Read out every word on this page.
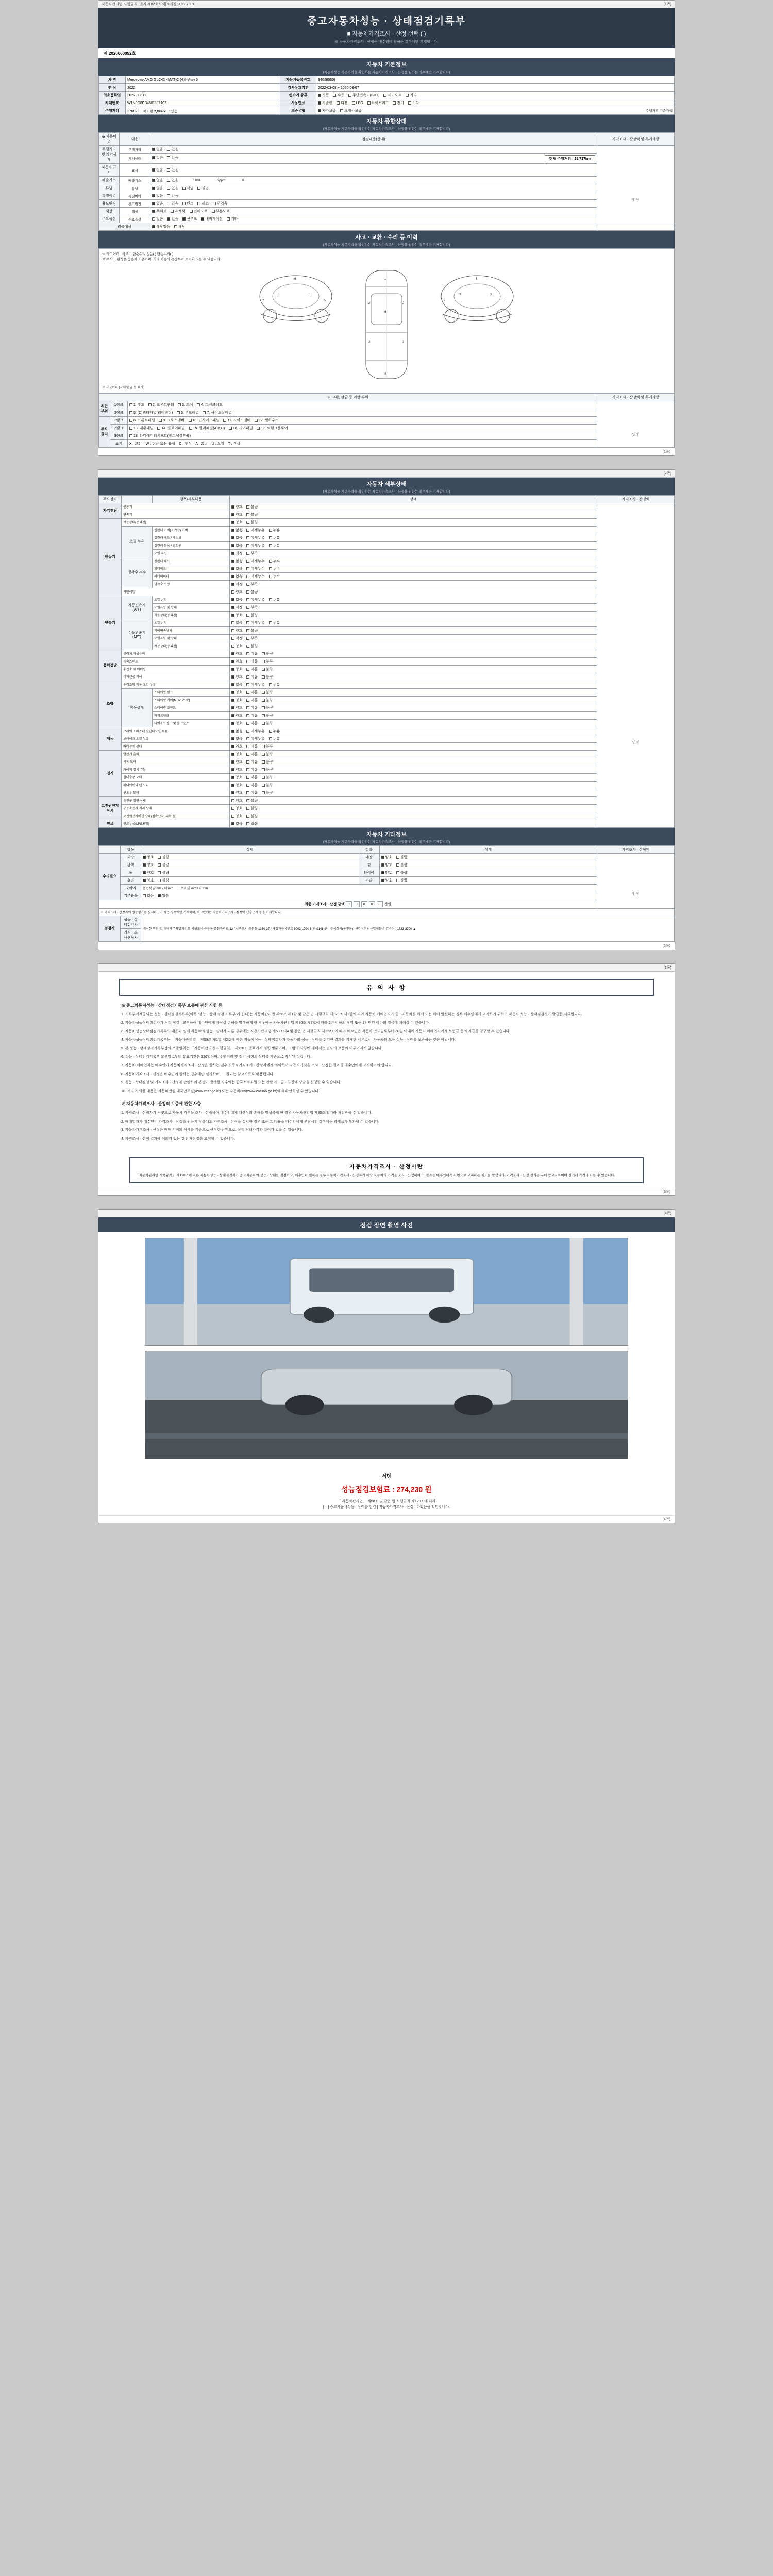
자동차관리법 시행규칙 [별지 제82호서식] <개정 2021.7.6.>	(1쪽)
중고자동차성능 · 상태점검기록부
■ 자동차가격조사 · 산정 선택 ( )
※ 자동차가격조사 · 산정은 매수인이 원하는 경우에만 기재합니다.
제 2026060052호
자동차 기본정보
(자동차성능 기준가격을 확인하는 자동차가격조사 · 산정을 원하는 경우에만 기재합니다)
차 명	Mercedes-AMG GLC43 4MATIC (4륜구동) 5	자동차등록번호	34G(8550)
연 식	2022	검사유효기간	2022-03-08 ~ 2026-03-07
최초등록일	2022-03-08	변속기 종류	자동 수동 무단변속기(CVT) 세미오토 기타
차대번호	W1N0G8EB4NG037107	사용연료	가솔린 디젤 LPG 하이브리드 전기 기타
주행거리	276823 배기량 2,999cc 5인승	보증유형	자가보증 보험사보증 주행거리 기준가액
자동차 종합상태
(자동차성능 기준가격을 확인하는 자동차가격조사 · 산정을 원하는 경우에만 기재합니다)
※ 사용이력	내용	점검내용(상태)	가격조사 · 산정액 및 특기사항
주행거리 및 계기상태	주행거리	없음 있음	인정

	계기상태	없음 있음 현재 주행거리 : 25,717km	

자동차 표시	표시	없음 있음	
배출가스	배출가스	없음 있음 0.0DL 2ppm %	
튜닝	튜닝	없음 있음 적법 불법	
특별이력	특별이력	없음 있음	
용도변경	용도변경	없음 있음 렌트 리스 영업용	
색상	색상	무채색 유채색 전체도색 부분도색	
주요옵션	주요옵션	없음 있음 선루프 내비게이션 기타	
리콜대상		해당없음 해당	
사고 · 교환 · 수리 등 이력
(자동차성능 기준가격을 확인하는 자동차가격조사 · 산정을 원하는 경우에만 기재합니다)
※ 사고이력 : 사고( ) 단순수리 없음( ) 단순수리( )
※ 무사고 판정은 승용차 기준이며, 기타 차종의 손상부위 표기와 다를 수 있습니다.
3	3
6
5
2
1
2	2
3	3
4
6
3	3
6
5
2
※ 사고이력 (교체/판금 등 표기)
※ 교환, 판금 등 이상 부위			가격조사 · 산정액 및 특기사항
외판부위	1랭크	1. 후드 2. 프론트펜더 3. 도어 4. 트렁크리드	인정

	2랭크	5. (C)쿼터패널(리어펜더) 6. 루프패널 7. 사이드실패널	
주요골격	1랭크	8. 프론트패널 9. 크로스멤버 10. 인사이드패널 11. 사이드멤버 12. 휠하우스	
	2랭크	13. 대쉬패널 14. 플로어패널 15. 필러패널(A,B,C) 16. 리어패널 17. 트렁크플로어	
	3랭크	18. 라디에이터서포트(볼트체결부품)	
	표기	X : 교환 W : 판금 또는 용접 C : 부식 A : 흠집 U : 요철 T : 손상	
(1쪽)
(2쪽)
자동차 세부상태
(자동차성능 기준가격을 확인하는 자동차가격조사 · 산정을 원하는 경우에만 기재합니다)
주요장치		항목/세부내용	상태	가격조사 · 산정액
자기진단	원동기		양호 불량	인정

	변속기		양호 불량	
원동기	작동상태(공회전)		양호 불량	
	오일 누유	실린더 커버(로커암) 커버	없음 미세누유 누유	
		실린더 헤드 / 개스킷	없음 미세누유 누유	
		실린더 블록 / 오일팬	없음 미세누유 누유	
		오일 유량	적정 부족	
	냉각수 누수	실린더 헤드	없음 미세누수 누수	
		워터펌프	없음 미세누수 누수	
		라디에이터	없음 미세누수 누수	
		냉각수 수량	적정 부족	
	커먼레일		양호 불량	
변속기	자동변속기
(A/T)	오일누유	없음 미세누유 누유	
		오일유량 및 상태	적정 부족	
		작동상태(공회전)	양호 불량	
	수동변속기
(M/T)	오일누유	없음 미세누유 누유	
		기어변속장치	양호 불량	
		오일유량 및 상태	적정 부족	
		작동상태(공회전)	양호 불량	
동력전달	클러치 어셈블리		양호 미흡 불량	
	등속죠인트		양호 미흡 불량	
	추진축 및 베어링		양호 미흡 불량	
	디퍼렌셜 기어		양호 미흡 불량	
조향	동력조향 작동 오일 누유		없음 미세누유 누유	
	작동상태	스티어링 펌프	양호 미흡 불량	
		스티어링 기어(MDPS포함)	양호 미흡 불량	
		스티어링 조인트	양호 미흡 불량	
		파워크랭크	양호 미흡 불량	
		타이로드엔드 및 볼 조인트	양호 미흡 불량	
제동	브레이크 마스터 실린더오일 누유		없음 미세누유 누유	
	브레이크 오일 누유		없음 미세누유 누유	
	배력장치 상태		양호 미흡 불량	
전기	발전기 출력		양호 미흡 불량	
	시동 모터		양호 미흡 불량	
	와이퍼 장치 기능		양호 미흡 불량	
	실내송풍 모터		양호 미흡 불량	
	라디에이터 팬 모터		양호 미흡 불량	
	윈도우 모터		양호 미흡 불량	
고전원전기장치	충전구 절연 상태		양호 불량	
	구동축전지 격리 상태		양호 불량	
	고전원전기배선 상태(접속단자, 피복 등)		양호 불량	
연료	연료누설(LPG포함)		없음 있음	
자동차 기타정보
(자동차성능 기준가격을 확인하는 자동차가격조사 · 산정을 원하는 경우에만 기재합니다)
	항목	상태	항목	상태	가격조사 · 산정액
수리필요	외장	양호 불량	내장	양호 불량	인정

	광택	양호 불량	휠	양호 불량	
	룸	양호 불량	타이어	양호 불량	
	유리	양호 불량	기타	양호 불량	
	타이어	운전석 앞 mm / 뒤 mm 조수석 앞 mm / 뒤 mm			
	기본품목	없음 있음			
최종 가격조사 · 산정 금액 0 0 0 0 0 천원					
※ 가격조사 · 산정자에 성능평가를 실시하고자 하는 경우에만 기재하며, 비고란에는 자동차가격조사 · 산정액 산출근거 등을 기재합니다.					
점검자	성능 · 상태점검자	㈜신한 정원 정비㈜ 제주특별자치도 서귀포시 중문동 중문관광로 12 / 서귀포시 중문동 1350-27 / 사업자등록번호 9002-1994-5(기-0146)관 · 주식회사(동천동), 신강상황점사업체등록 검수어 : 1533-2700 ▲			
	가격 · 조사산정자				
(2쪽)
(3쪽)
유 의 사 항
※ 중고차통지성능 · 상태점검기록부 보증에 관한 사항 등

1. 기록부에제공되는 성능 · 상태점검기록부(이하 "성능 · 상태 점검 기록부"라 한다)는 자동차관리법 제58조 제1항 및 같은 법 시행규칙 제120조 제1항에 따라 자동차 매매업자가 중고자동차를 매매 또는 매매 알선하는 경우 매수인에게 고지하기 위하여 자동차 성능 · 상태점검자가 발급한 서류입니다.

2. 자동차성능상태점검자가 거짓 점검 · 교부하여 매수인에게 재산상 손해를 발생하게 한 경우에는 자동차관리법 제80조 제7호에 따라 2년 이하의 징역 또는 2천만원 이하의 벌금에 처해질 수 있습니다.

3. 자동차성능상태점검기록부의 내용과 실제 자동차의 성능 · 상태가 다른 경우에는 자동차관리법 제58조의4 및 같은 법 시행규칙 제122조에 따라 매수인은 자동차 인도일로부터 30일 이내에 자동차 매매업자에게 보험금 등의 지급을 청구할 수 있습니다.

4. 자동차성능상태점검기록부는 「자동차관리법」 제58조 제1항 제2호에 따른 자동차성능 · 상태점검자가 자동차의 성능 · 상태를 점검한 결과를 기재한 서류로서, 자동차의 모든 성능 · 상태를 보증하는 것은 아닙니다.

5. 본 성능 · 상태점검기록부상의 보증범위는 「자동차관리법 시행규칙」 제120조 별표에서 정한 범위이며, 그 밖의 사항에 대해서는 별도의 보증이 이루어지지 않습니다.

6. 성능 · 상태점검기록부 교부일로부터 유효기간은 120일이며, 주행거리 및 점검 시점의 상태를 기준으로 작성된 것입니다.

7. 자동차 매매업자는 매수인이 자동차가격조사 · 산정을 원하는 경우 자동차가격조사 · 산정자에게 의뢰하여 자동차가격을 조사 · 산정한 결과를 매수인에게 고지하여야 합니다.

8. 자동차가격조사 · 산정은 매수인이 원하는 경우에만 실시하며, 그 결과는 참고자료로 활용됩니다.

9. 성능 · 상태점검 및 가격조사 · 산정과 관련하여 분쟁이 발생한 경우에는 한국소비자원 또는 관할 시 · 군 · 구청에 상담을 신청할 수 있습니다.

10. 기타 자세한 내용은 자동차민원 대국민포털(www.ecar.go.kr) 또는 자동차365(www.car365.go.kr)에서 확인하실 수 있습니다.

※ 자동차가격조사 · 산정의 보증에 관한 사항

1. 가격조사 · 산정자가 거짓으로 자동차 가격을 조사 · 산정하여 매수인에게 재산상의 손해를 발생하게 한 경우 자동차관리법 제80조에 따라 처벌받을 수 있습니다.

2. 매매업자가 매수인이 가격조사 · 산정을 원하지 않음에도 가격조사 · 산정을 실시한 경우 또는 그 비용을 매수인에게 부담시킨 경우에는 과태료가 부과될 수 있습니다.

3. 자동차가격조사 · 산정은 매매 시점의 시세를 기준으로 산정한 금액으로, 실제 거래가격과 차이가 있을 수 있습니다.

4. 가격조사 · 산정 결과에 이의가 있는 경우 재산정을 요청할 수 있습니다.

자동차가격조사 · 산정이란

「자동차관리법 시행규칙」 제120조에 따른 자동차성능 · 상태점검자가 중고자동차의 성능 · 상태를 점검하고, 매수인이 원하는 경우 자동차가격조사 · 산정자가 해당 자동차의 가격을 조사 · 산정하여 그 결과를 매수인에게 서면으로 고지하는 제도를 말합니다. 가격조사 · 산정 결과는 구매 참고자료이며 실거래 가격과 다를 수 있습니다.

(3쪽)
(4쪽)
점검 장면 촬영 사진
서명
성능점검보험료 : 274,230 원
「 자동차관리법」 제58조 및 같은 법 시행규칙 제120조에 따라
[ ↑ ] 중고자동차성능 · 상태를 점검 [ 자동차가격조사 · 산정 ] 하였음을 확인합니다.
(4쪽)
